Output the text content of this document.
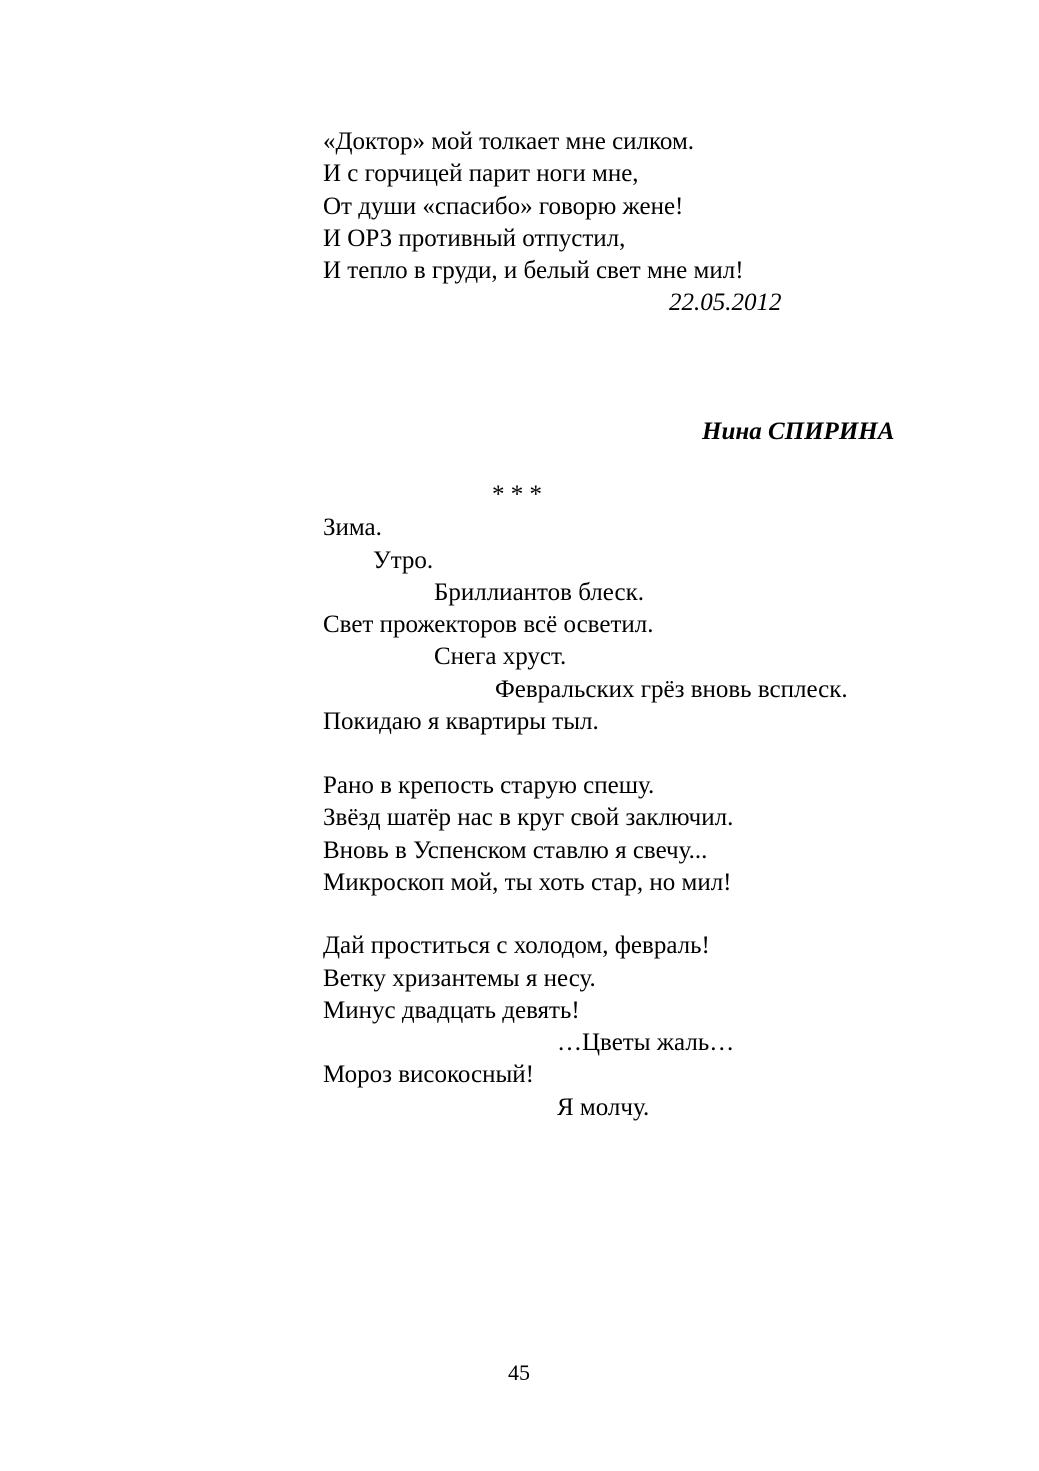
«Доктор» мой толкает мне силком.
И с горчицей парит ноги мне,
От души «спасибо» говорю жене!
И ОРЗ противный отпустил,
И тепло в груди, и белый свет мне мил!
22.05.2012
Нина СПИРИНА
* * *
Зима.
Утро.
Бриллиантов блеск.
Свет прожекторов всё осветил.
Снега хруст.
Февральских грёз вновь всплеск.
Покидаю я квартиры тыл.
Рано в крепость старую спешу.
Звёзд шатёр нас в круг свой заключил.
Вновь в Успенском ставлю я свечу...
Микроскоп мой, ты хоть стар, но мил!
Дай проститься с холодом, февраль!
Ветку хризантемы я несу.
Минус двадцать девять!
…Цветы жаль…
Мороз високосный!
Я молчу.
45
